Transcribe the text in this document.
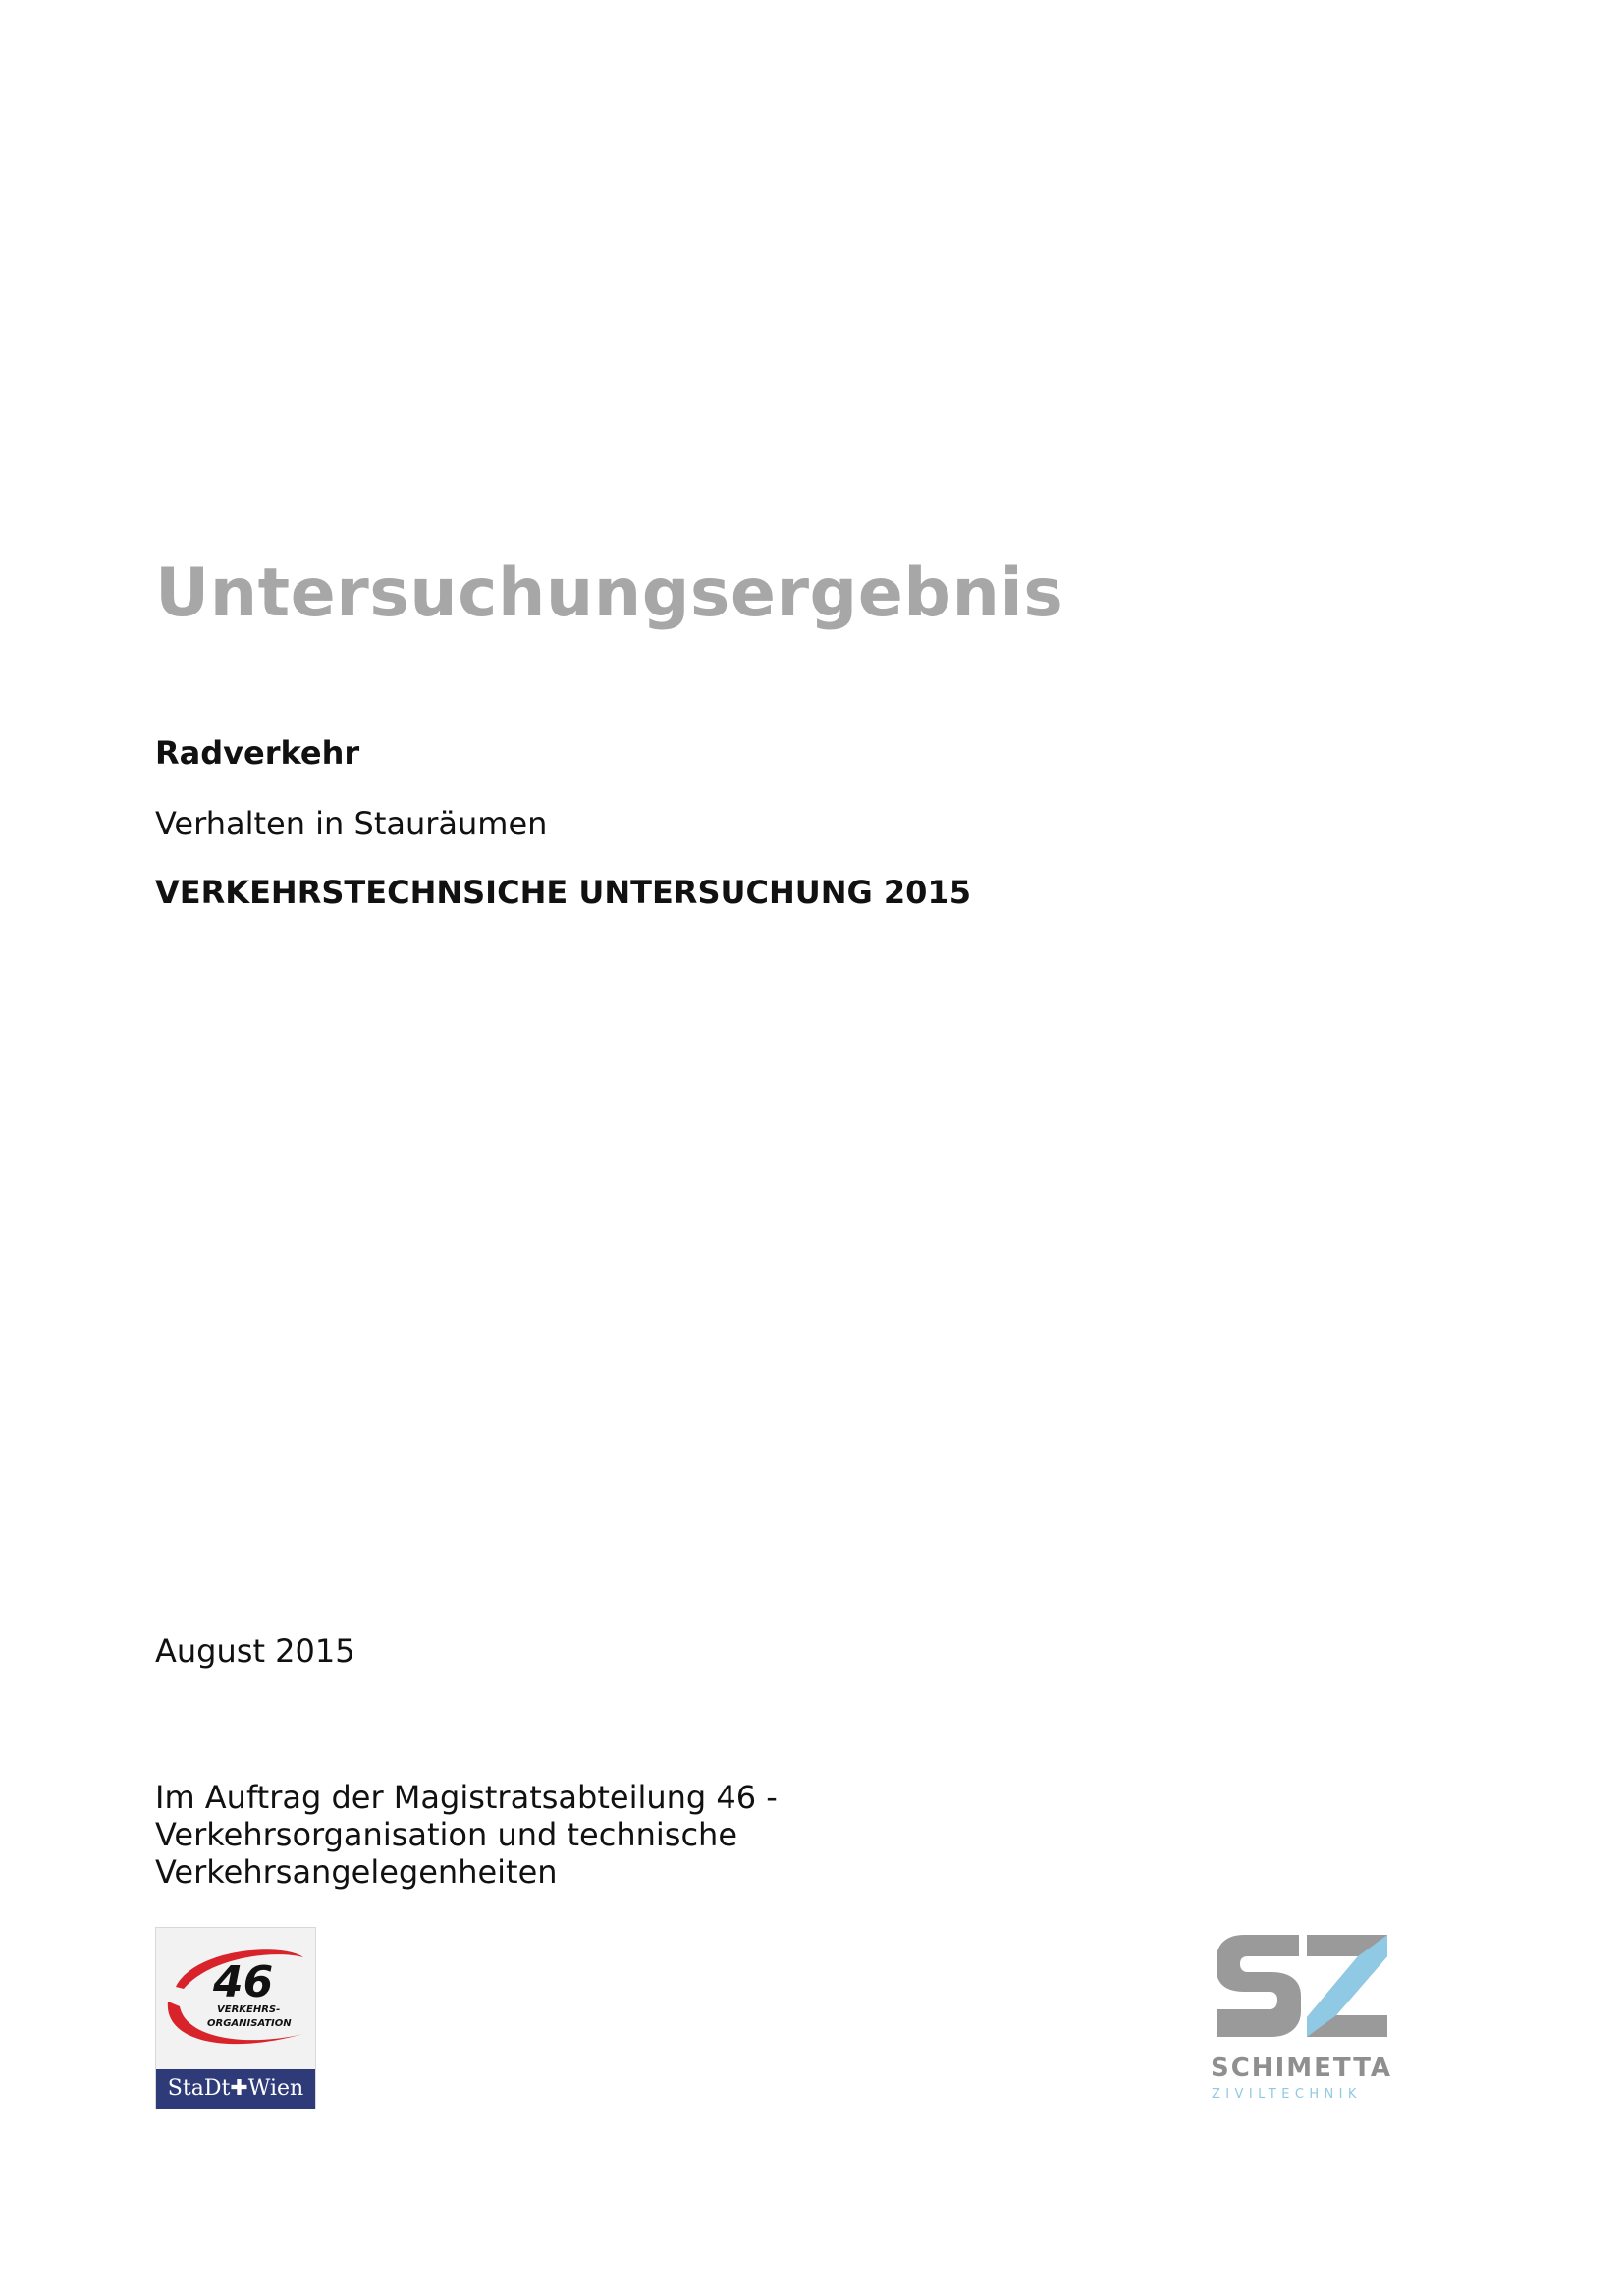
Untersuchungsergebnis
Radverkehr
Verhalten in Stauräumen
VERKEHRSTECHNSICHE UNTERSUCHUNG 2015
August 2015
Im Auftrag der Magistratsabteilung 46 -
Verkehrsorganisation und technische
Verkehrsangelegenheiten
46
VERKEHRS-
ORGANISATION
StaDt✚Wien
SCHIMETTA
ZIVILTECHNIK
